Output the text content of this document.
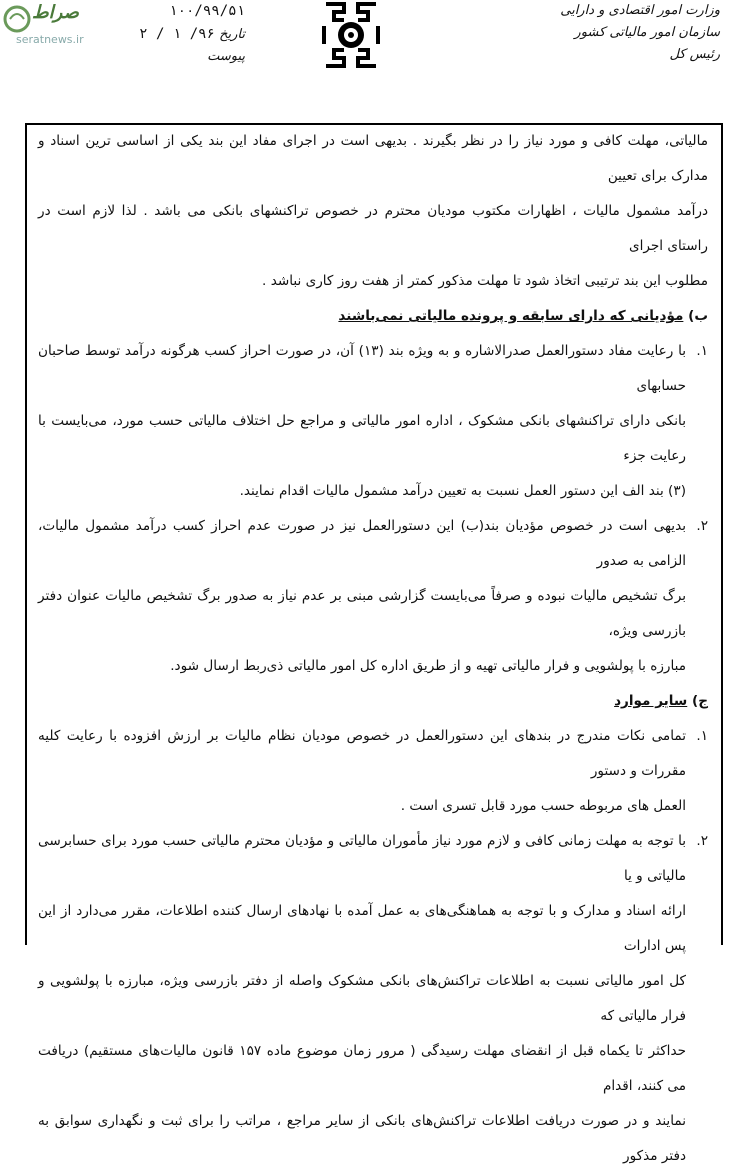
وزارت امور اقتصادی و دارایی
سازمان امور مالیاتی کشور
رئیس کل
۱۰۰/۹۹/۵۱
تاریخ ۹۶/ ۱ / ۲
پیوست
صراط
seratnews.ir

مالیاتی، مهلت کافی و مورد نیاز را در نظر بگیرند . بدیهی است در اجرای مفاد این بند یکی از اساسی ترین اسناد و مدارک برای تعیین

درآمد مشمول مالیات ، اظهارات مکتوب مودیان محترم در خصوص تراکنشهای بانکی می باشد . لذا لازم است در راستای اجرای

مطلوب این بند ترتیبی اتخاذ شود تا مهلت مذکور کمتر از هفت روز کاری نباشد .

ب) مؤدیانی که دارای سابقه و پرونده مالیاتی نمی‌باشند

۱.

با رعایت مفاد دستورالعمل صدرالاشاره و به ویژه بند (۱۳) آن، در صورت احراز کسب هرگونه درآمد توسط صاحبان حسابهای

بانکی دارای تراکنشهای بانکی مشکوک ، اداره امور مالیاتی و مراجع حل اختلاف مالیاتی حسب مورد، می‌بایست با رعایت جزء

(۳) بند الف این دستور العمل نسبت به تعیین درآمد مشمول مالیات اقدام نمایند.

۲.

بدیهی است در خصوص مؤدیان بند(ب) این دستورالعمل نیز در صورت عدم احراز کسب درآمد مشمول مالیات، الزامی به صدور

برگ تشخیص مالیات نبوده و صرفاً می‌بایست گزارشی مبنی بر عدم نیاز به صدور برگ تشخیص مالیات عنوان دفتر بازرسی ویژه،

مبارزه با پولشویی و فرار مالیاتی تهیه و از طریق اداره کل امور مالیاتی ذی‌ربط ارسال شود.

ج) سایر موارد

۱.

تمامی نکات مندرج در بندهای این دستورالعمل در خصوص مودیان نظام مالیات بر ارزش افزوده با رعایت کلیه مقررات و دستور

العمل های مربوطه حسب مورد قابل تسری است .

۲.

با توجه به مهلت زمانی کافی و لازم مورد نیاز مأموران مالیاتی و مؤدیان محترم مالیاتی حسب مورد برای حسابرسی مالیاتی و یا

ارائه اسناد و مدارک و با توجه به هماهنگی‌های به عمل آمده با نهادهای ارسال کننده اطلاعات، مقرر می‌دارد از این پس ادارات

کل امور مالیاتی نسبت به اطلاعات تراکنش‌های بانکی مشکوک واصله از دفتر بازرسی ویژه، مبارزه با پولشویی و فرار مالیاتی که

حداکثر تا یکماه قبل از انقضای مهلت رسیدگی ( مرور زمان موضوع ماده ۱۵۷ قانون مالیات‌های مستقیم) دریافت می کنند، اقدام

نمایند و در صورت دریافت اطلاعات تراکنش‌های بانکی از سایر مراجع ، مراتب را برای ثبت و نگهداری سوابق به دفتر مذکور
